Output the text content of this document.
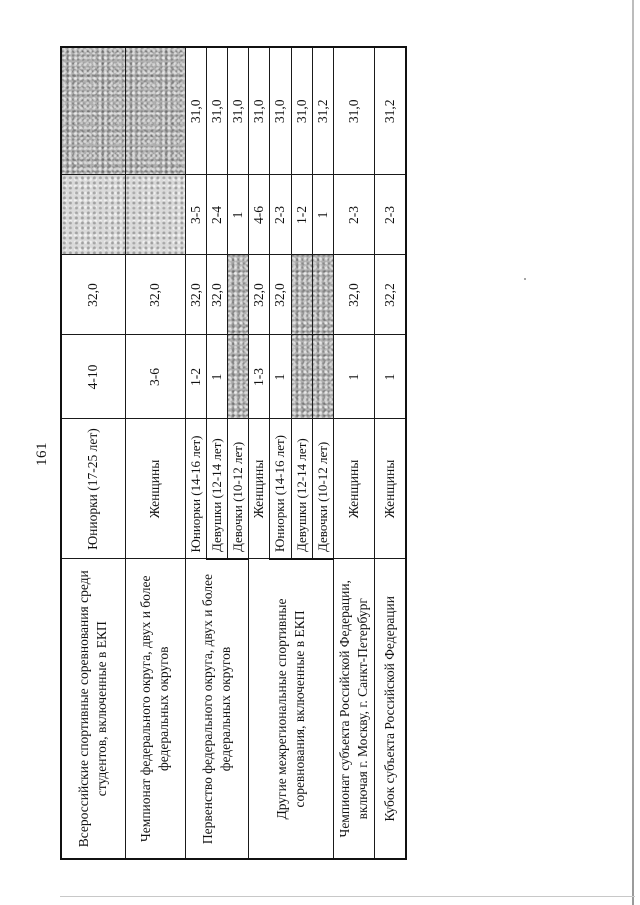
161
Всероссийские спортивные соревнования среди студентов, включенные в ЕКП	Юниорки (17-25 лет)	4-10	32,0		
Чемпионат федерального округа, двух и более федеральных округов	Женщины	3-6	32,0		
Первенство федерального округа, двух и более федеральных округов	Юниорки (14-16 лет)	1-2	32,0	3-5	31,0
	Девушки (12-14 лет)	1	32,0	2-4	31,0
	Девочки (10-12 лет)			1	31,0
Другие межрегиональные спортивные соревнования, включенные в ЕКП	Женщины	1-3	32,0	4-6	31,0
	Юниорки (14-16 лет)	1	32,0	2-3	31,0
	Девушки (12-14 лет)			1-2	31,0
	Девочки (10-12 лет)			1	31,2
Чемпионат субъекта Российской Федерации, включая г. Москву, г. Санкт-Петербург	Женщины	1	32,0	2-3	31,0
Кубок субъекта Российской Федерации	Женщины	1	32,2	2-3	31,2
